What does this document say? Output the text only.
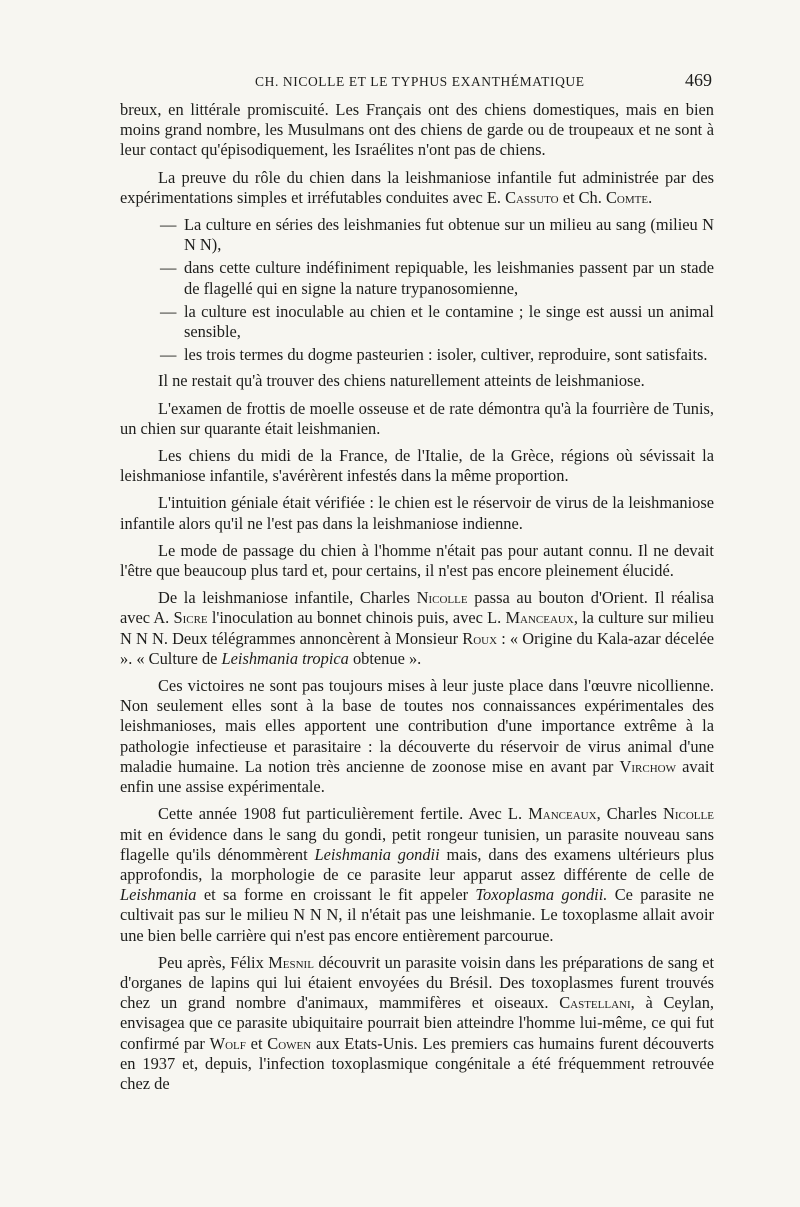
CH. NICOLLE ET LE TYPHUS EXANTHÉMATIQUE	469

breux, en littérale promiscuité. Les Français ont des chiens domestiques, mais en bien moins grand nombre, les Musulmans ont des chiens de garde ou de troupeaux et ne sont à leur contact qu'épisodiquement, les Israélites n'ont pas de chiens.

La preuve du rôle du chien dans la leishmaniose infantile fut administrée par des expérimentations simples et irréfutables conduites avec E. Cassuto et Ch. Comte.

— La culture en séries des leishmanies fut obtenue sur un milieu au sang (milieu N N N),
— dans cette culture indéfiniment repiquable, les leishmanies passent par un stade de flagellé qui en signe la nature trypanosomienne,
— la culture est inoculable au chien et le contamine ; le singe est aussi un animal sensible,
— les trois termes du dogme pasteurien : isoler, cultiver, reproduire, sont satisfaits.

Il ne restait qu'à trouver des chiens naturellement atteints de leishmaniose.

L'examen de frottis de moelle osseuse et de rate démontra qu'à la fourrière de Tunis, un chien sur quarante était leishmanien.

Les chiens du midi de la France, de l'Italie, de la Grèce, régions où sévissait la leishmaniose infantile, s'avérèrent infestés dans la même proportion.

L'intuition géniale était vérifiée : le chien est le réservoir de virus de la leishmaniose infantile alors qu'il ne l'est pas dans la leishmaniose indienne.

Le mode de passage du chien à l'homme n'était pas pour autant connu. Il ne devait l'être que beaucoup plus tard et, pour certains, il n'est pas encore pleinement élucidé.

De la leishmaniose infantile, Charles Nicolle passa au bouton d'Orient. Il réalisa avec A. Sicre l'inoculation au bonnet chinois puis, avec L. Manceaux, la culture sur milieu N N N. Deux télégrammes annoncèrent à Monsieur Roux : « Origine du Kala-azar décelée ». « Culture de Leishmania tropica obtenue ».

Ces victoires ne sont pas toujours mises à leur juste place dans l'œuvre nicollienne. Non seulement elles sont à la base de toutes nos connaissances expérimentales des leishmanioses, mais elles apportent une contribution d'une importance extrême à la pathologie infectieuse et parasitaire : la découverte du réservoir de virus animal d'une maladie humaine. La notion très ancienne de zoonose mise en avant par Virchow avait enfin une assise expérimentale.

Cette année 1908 fut particulièrement fertile. Avec L. Manceaux, Charles Nicolle mit en évidence dans le sang du gondi, petit rongeur tunisien, un parasite nouveau sans flagelle qu'ils dénommèrent Leishmania gondii mais, dans des examens ultérieurs plus approfondis, la morphologie de ce parasite leur apparut assez différente de celle de Leishmania et sa forme en croissant le fit appeler Toxoplasma gondii. Ce parasite ne cultivait pas sur le milieu N N N, il n'était pas une leishmanie. Le toxoplasme allait avoir une bien belle carrière qui n'est pas encore entièrement parcourue.

Peu après, Félix Mesnil découvrit un parasite voisin dans les préparations de sang et d'organes de lapins qui lui étaient envoyées du Brésil. Des toxoplasmes furent trouvés chez un grand nombre d'animaux, mammifères et oiseaux. Castellani, à Ceylan, envisagea que ce parasite ubiquitaire pourrait bien atteindre l'homme lui-même, ce qui fut confirmé par Wolf et Cowen aux Etats-Unis. Les premiers cas humains furent découverts en 1937 et, depuis, l'infection toxoplasmique congénitale a été fréquemment retrouvée chez de
